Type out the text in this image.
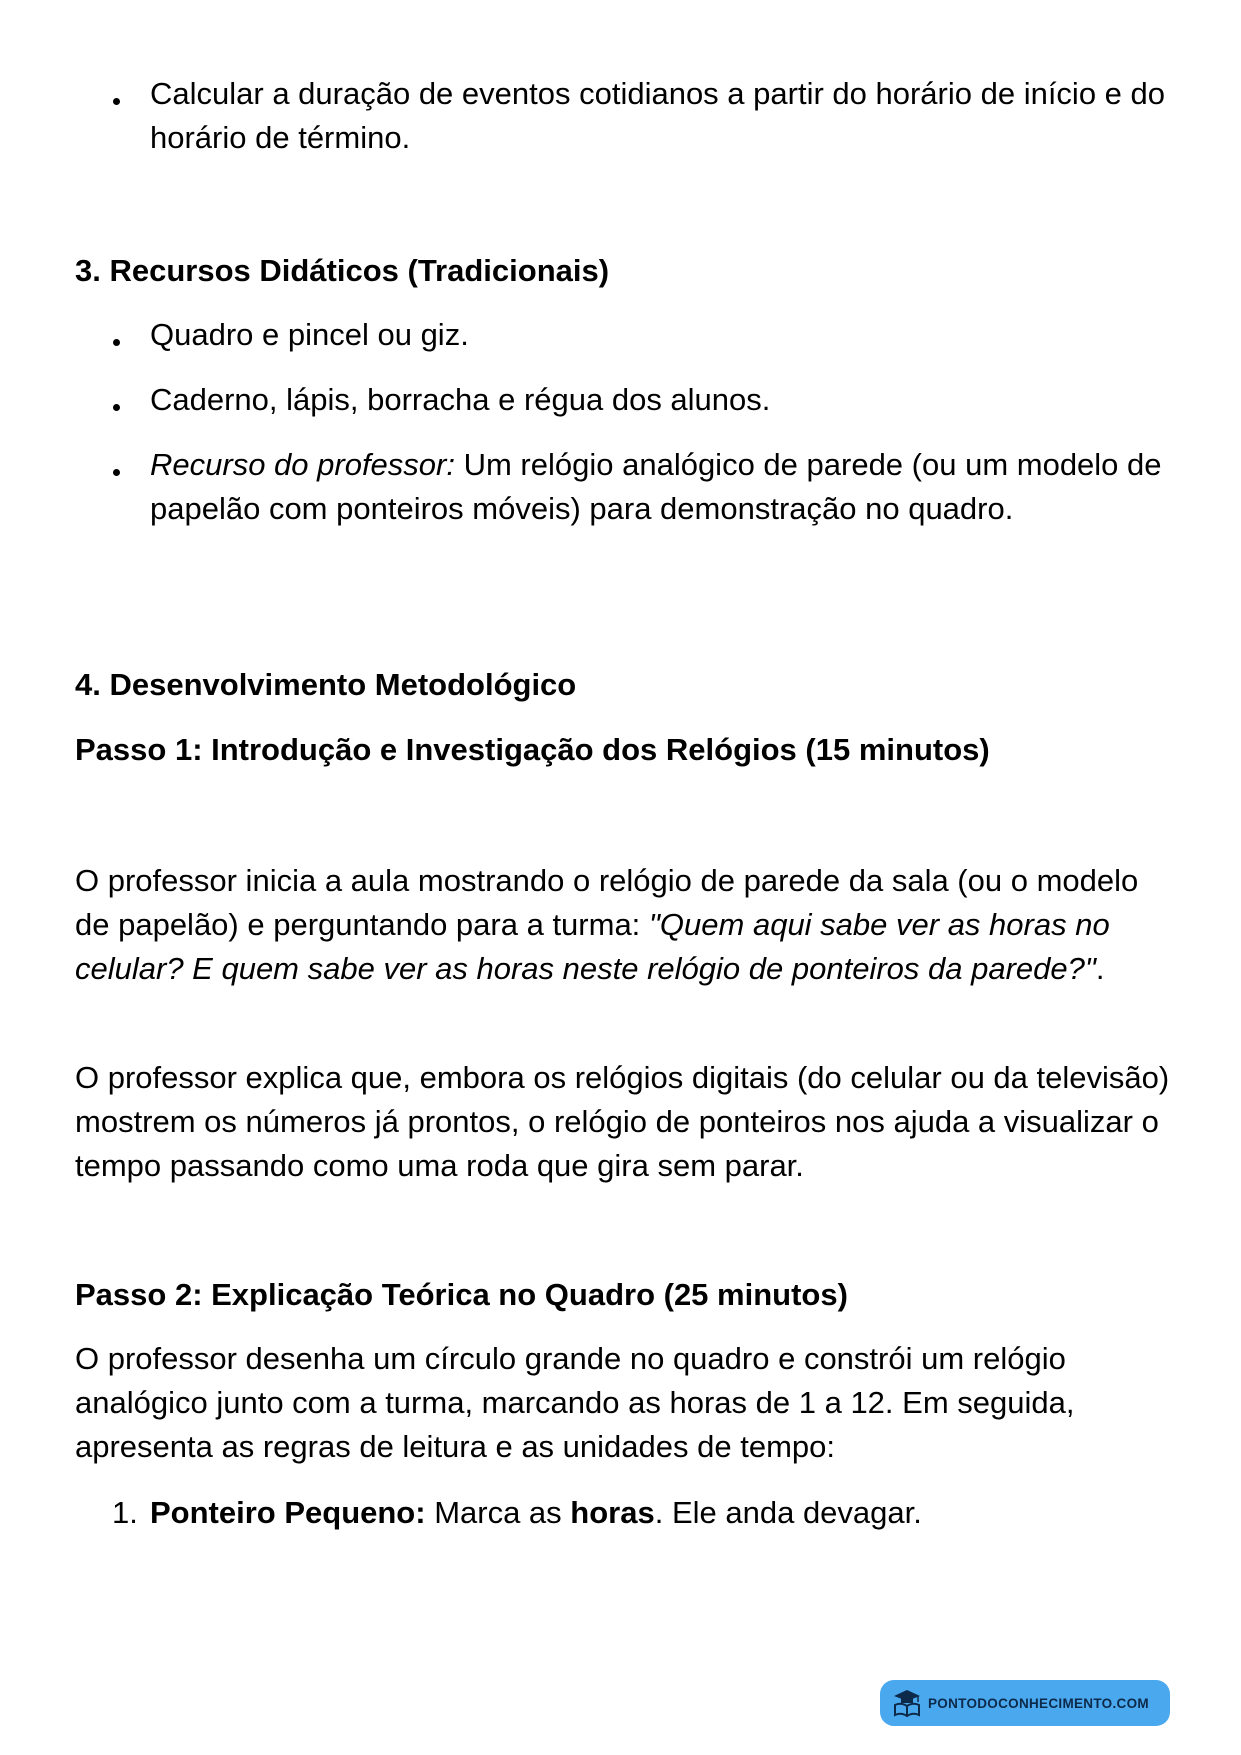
Calcular a duração de eventos cotidianos a partir do horário de início e do horário de término.

3. Recursos Didáticos (Tradicionais)

Quadro e pincel ou giz.

Caderno, lápis, borracha e régua dos alunos.

Recurso do professor: Um relógio analógico de parede (ou um modelo de papelão com ponteiros móveis) para demonstração no quadro.

4. Desenvolvimento Metodológico

Passo 1: Introdução e Investigação dos Relógios (15 minutos)

O professor inicia a aula mostrando o relógio de parede da sala (ou o modelo de papelão) e perguntando para a turma: "Quem aqui sabe ver as horas no celular? E quem sabe ver as horas neste relógio de ponteiros da parede?".

O professor explica que, embora os relógios digitais (do celular ou da televisão) mostrem os números já prontos, o relógio de ponteiros nos ajuda a visualizar o tempo passando como uma roda que gira sem parar.

Passo 2: Explicação Teórica no Quadro (25 minutos)

O professor desenha um círculo grande no quadro e constrói um relógio analógico junto com a turma, marcando as horas de 1 a 12. Em seguida, apresenta as regras de leitura e as unidades de tempo:

1. Ponteiro Pequeno: Marca as horas. Ele anda devagar.

PONTODOCONHECIMENTO.COM
